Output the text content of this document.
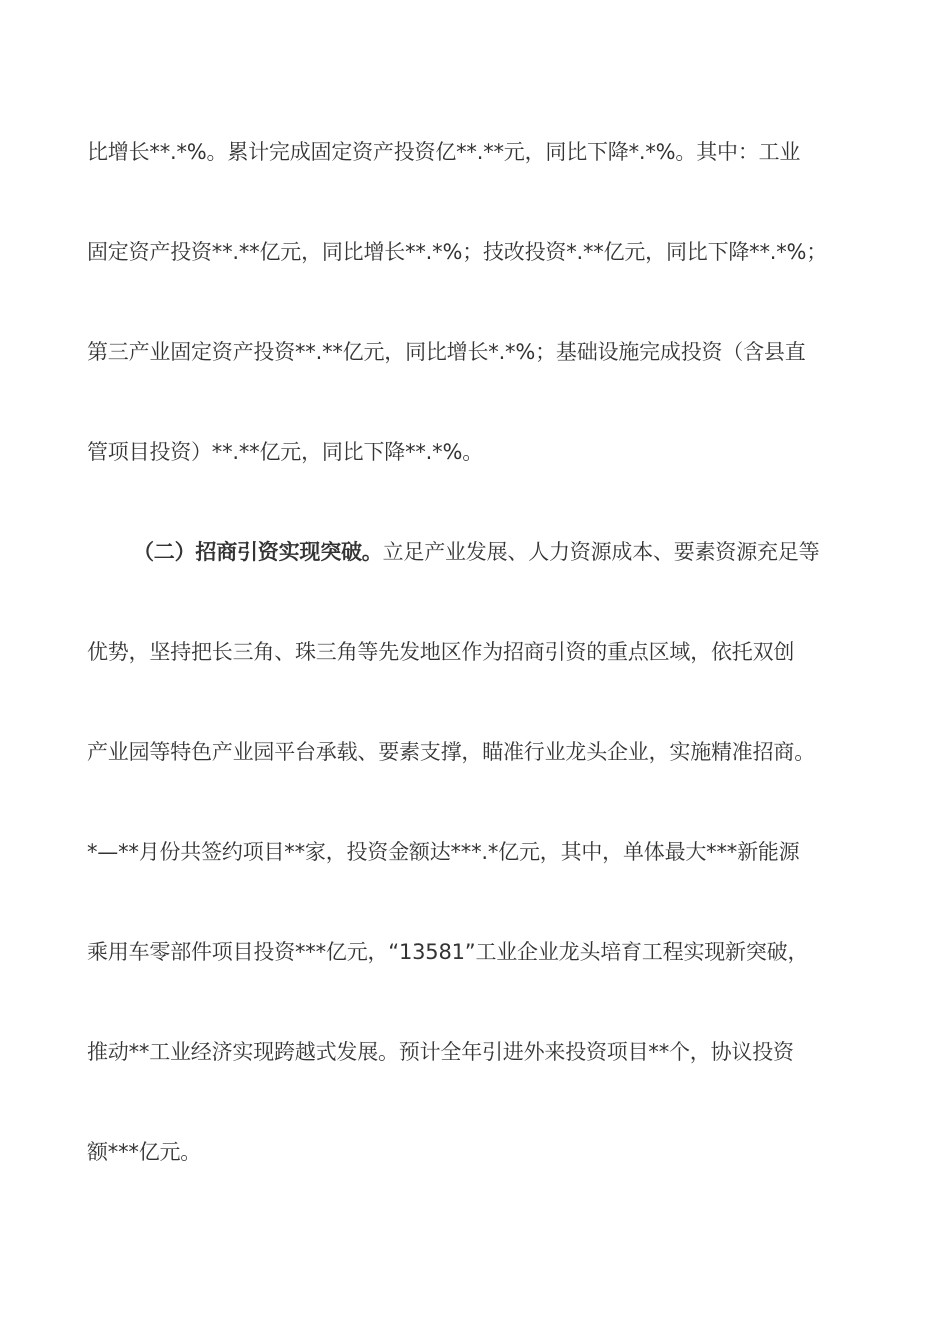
比增长**.*%。累计完成固定资产投资亿**.**元，同比下降*.*%。其中：工业
固定资产投资**.**亿元，同比增长**.*%；技改投资*.**亿元，同比下降**.*%；
第三产业固定资产投资**.**亿元，同比增长*.*%；基础设施完成投资（含县直
管项目投资）**.**亿元，同比下降**.*%。
（二）招商引资实现突破。立足产业发展、人力资源成本、要素资源充足等
优势，坚持把长三角、珠三角等先发地区作为招商引资的重点区域，依托双创
产业园等特色产业园平台承载、要素支撑，瞄准行业龙头企业，实施精准招商。
*—**月份共签约项目**家，投资金额达***.*亿元，其中，单体最大***新能源
乘用车零部件项目投资***亿元，“13581”工业企业龙头培育工程实现新突破，
推动**工业经济实现跨越式发展。预计全年引进外来投资项目**个，协议投资
额***亿元。
